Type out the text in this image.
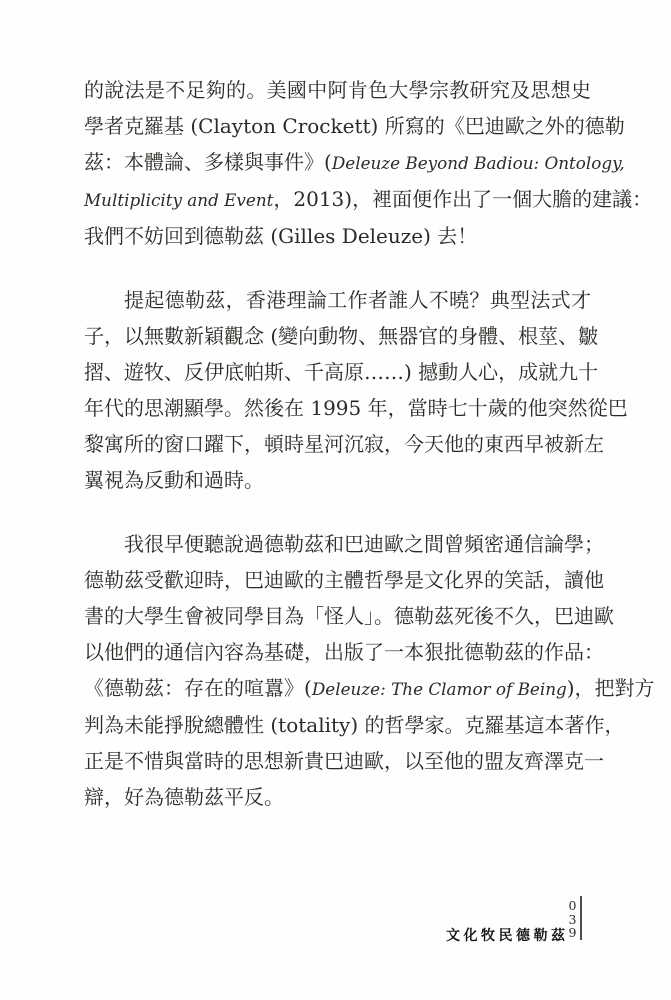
的說法是不足夠的。美國中阿肯色大學宗教研究及思想史
學者克羅基 (Clayton Crockett) 所寫的《巴迪歐之外的德勒
茲：本體論、多樣與事件》(Deleuze Beyond Badiou: Ontology,
Multiplicity and Event，2013)，裡面便作出了一個大膽的建議：
我們不妨回到德勒茲 (Gilles Deleuze) 去！
提起德勒茲，香港理論工作者誰人不曉？典型法式才
子，以無數新穎觀念 (變向動物、無器官的身體、根莖、皺
摺、遊牧、反伊底帕斯、千高原……) 撼動人心，成就九十
年代的思潮顯學。然後在 1995 年，當時七十歲的他突然從巴
黎寓所的窗口躍下，頓時星河沉寂，今天他的東西早被新左
翼視為反動和過時。
我很早便聽說過德勒茲和巴迪歐之間曾頻密通信論學；
德勒茲受歡迎時，巴迪歐的主體哲學是文化界的笑話，讀他
書的大學生會被同學目為「怪人」。德勒茲死後不久，巴迪歐
以他們的通信內容為基礎，出版了一本狠批德勒茲的作品：
《德勒茲：存在的喧囂》(Deleuze: The Clamor of Being)，把對方
判為未能掙脫總體性 (totality) 的哲學家。克羅基這本著作，
正是不惜與當時的思想新貴巴迪歐，以至他的盟友齊澤克一
辯，好為德勒茲平反。
文化牧民德勒茲
0
3
9
